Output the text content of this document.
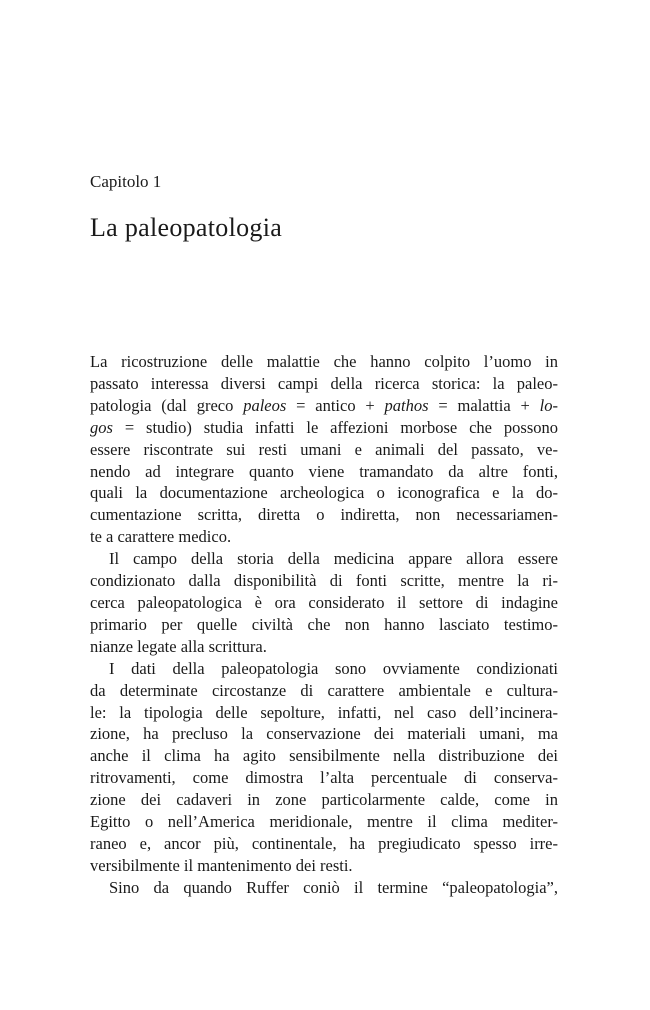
Capitolo 1
La paleopatologia

La ricostruzione delle malattie che hanno colpito l’uomo in
passato interessa diversi campi della ricerca storica: la paleo-
patologia (dal greco paleos = antico + pathos = malattia + lo-
gos = studio) studia infatti le affezioni morbose che possono
essere riscontrate sui resti umani e animali del passato, ve-
nendo ad integrare quanto viene tramandato da altre fonti,
quali la documentazione archeologica o iconografica e la do-
cumentazione scritta, diretta o indiretta, non necessariamen-
te a carattere medico.

Il campo della storia della medicina appare allora essere
condizionato dalla disponibilità di fonti scritte, mentre la ri-
cerca paleopatologica è ora considerato il settore di indagine
primario per quelle civiltà che non hanno lasciato testimo-
nianze legate alla scrittura.

I dati della paleopatologia sono ovviamente condizionati
da determinate circostanze di carattere ambientale e cultura-
le: la tipologia delle sepolture, infatti, nel caso dell’incinera-
zione, ha precluso la conservazione dei materiali umani, ma
anche il clima ha agito sensibilmente nella distribuzione dei
ritrovamenti, come dimostra l’alta percentuale di conserva-
zione dei cadaveri in zone particolarmente calde, come in
Egitto o nell’America meridionale, mentre il clima mediter-
raneo e, ancor più, continentale, ha pregiudicato spesso irre-
versibilmente il mantenimento dei resti.

Sino da quando Ruffer coniò il termine “paleopatologia”,
